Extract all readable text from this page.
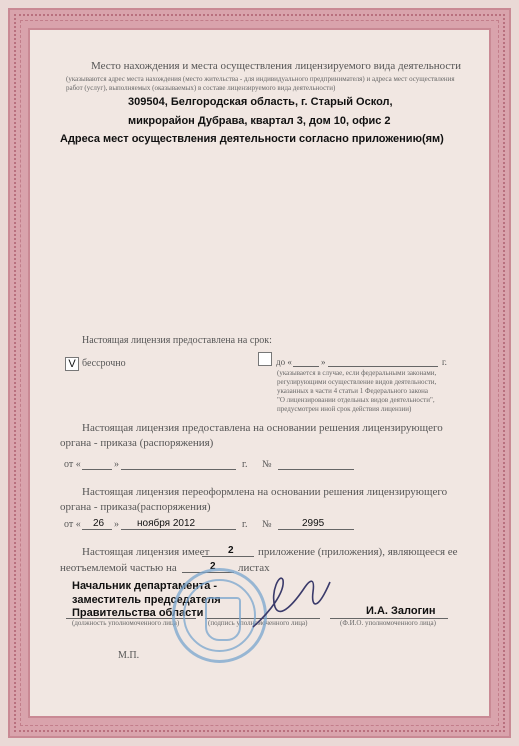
Место нахождения и места осуществления лицензируемого вида деятельности
(указываются адрес места нахождения (место жительства - для индивидуального предпринимателя) и адреса мест осуществления
работ (услуг), выполняемых (оказываемых) в составе лицензируемого вида деятельности)
309504, Белгородская область, г. Старый Оскол,
микрорайон Дубрава, квартал 3, дом 10, офис 2
Адреса мест осуществления деятельности согласно приложению(ям)
Настоящая лицензия предоставлена на срок:
V бессрочно	до «	»	г.
(указывается в случае, если федеральными законами,
регулирующими осуществление видов деятельности,
указанных в части 4 статьи 1 Федерального закона
"О лицензировании отдельных видов деятельности",
предусмотрен иной срок действия лицензии)
Настоящая лицензия предоставлена на основании решения лицензирующего
органа - приказа (распоряжения)
от «	»	г. №
Настоящая лицензия переоформлена на основании решения лицензирующего
органа - приказа(распоряжения)
от « 26 » ноября 2012	г. №	2995
Настоящая лицензия имеет 2 приложение (приложения), являющееся ее
неотъемлемой частью на	2 листах
Начальник департамента -
заместитель председателя
Правительства области	И.А. Залогин
(должность уполномоченного лица)	(подпись уполномоченного лица)	(Ф.И.О. уполномоченного лица)
М.П.
